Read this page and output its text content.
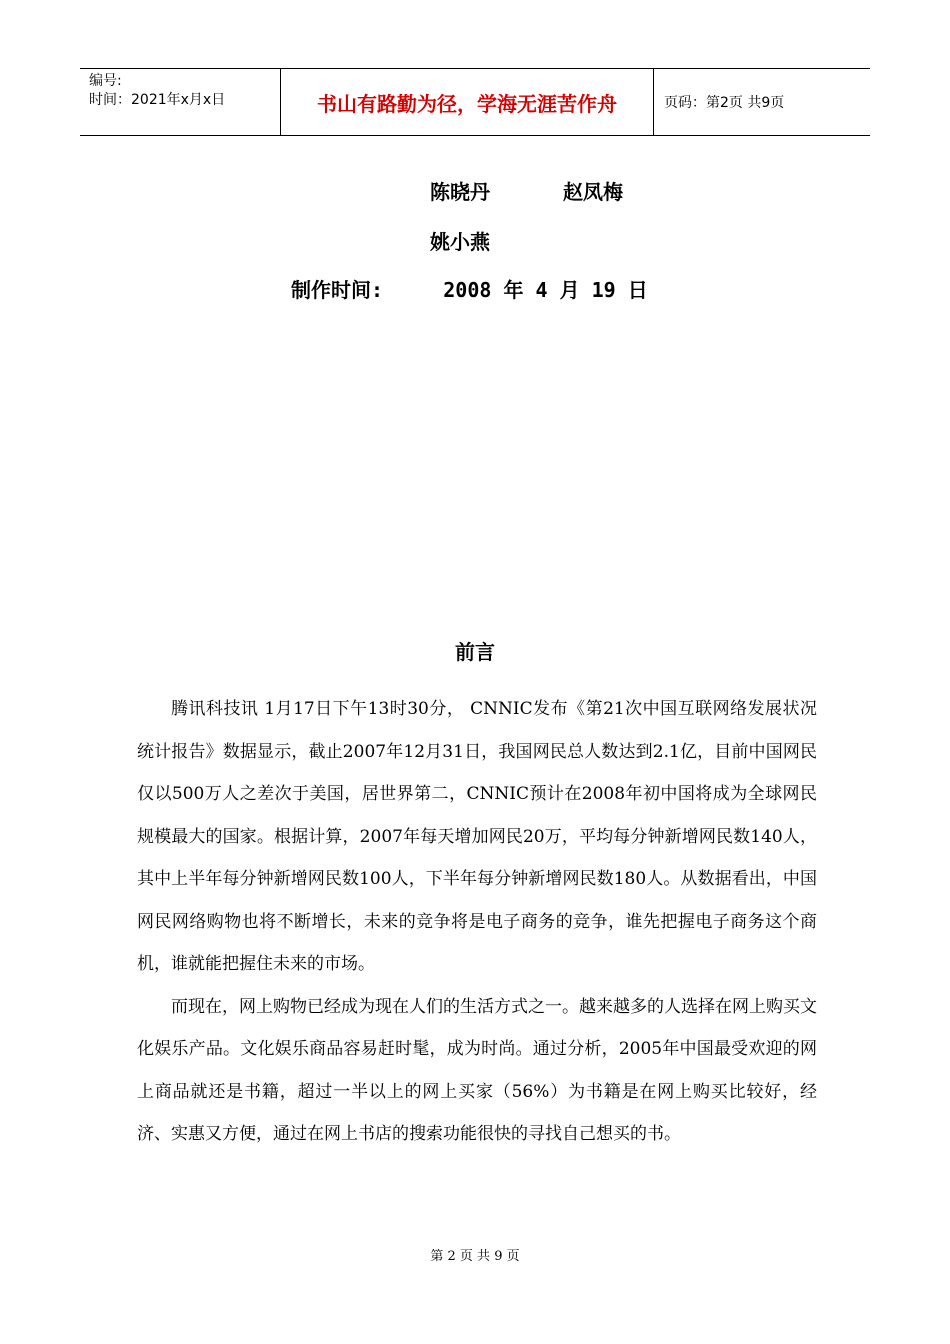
编号:
时间：2021年x月x日	书山有路勤为径，学海无涯苦作舟	页码：第2页 共9页
陈晓丹	赵凤梅
姚小燕
制作时间:     2008 年 4 月 19 日
前言

腾讯科技讯 1月17日下午13时30分， CNNIC发布《第21次中国互联网络发展状况统计报告》数据显示，截止2007年12月31日，我国网民总人数达到2.1亿，目前中国网民仅以500万人之差次于美国，居世界第二，CNNIC预计在2008年初中国将成为全球网民规模最大的国家。根据计算，2007年每天增加网民20万，平均每分钟新增网民数140人，其中上半年每分钟新增网民数100人，下半年每分钟新增网民数180人。从数据看出，中国网民网络购物也将不断增长，未来的竞争将是电子商务的竞争，谁先把握电子商务这个商机，谁就能把握住未来的市场。

而现在，网上购物已经成为现在人们的生活方式之一。越来越多的人选择在网上购买文化娱乐产品。文化娱乐商品容易赶时髦，成为时尚。通过分析，2005年中国最受欢迎的网上商品就还是书籍，超过一半以上的网上买家（56%）为书籍是在网上购买比较好，经济、实惠又方便，通过在网上书店的搜索功能很快的寻找自己想买的书。

第 2 页 共 9 页
